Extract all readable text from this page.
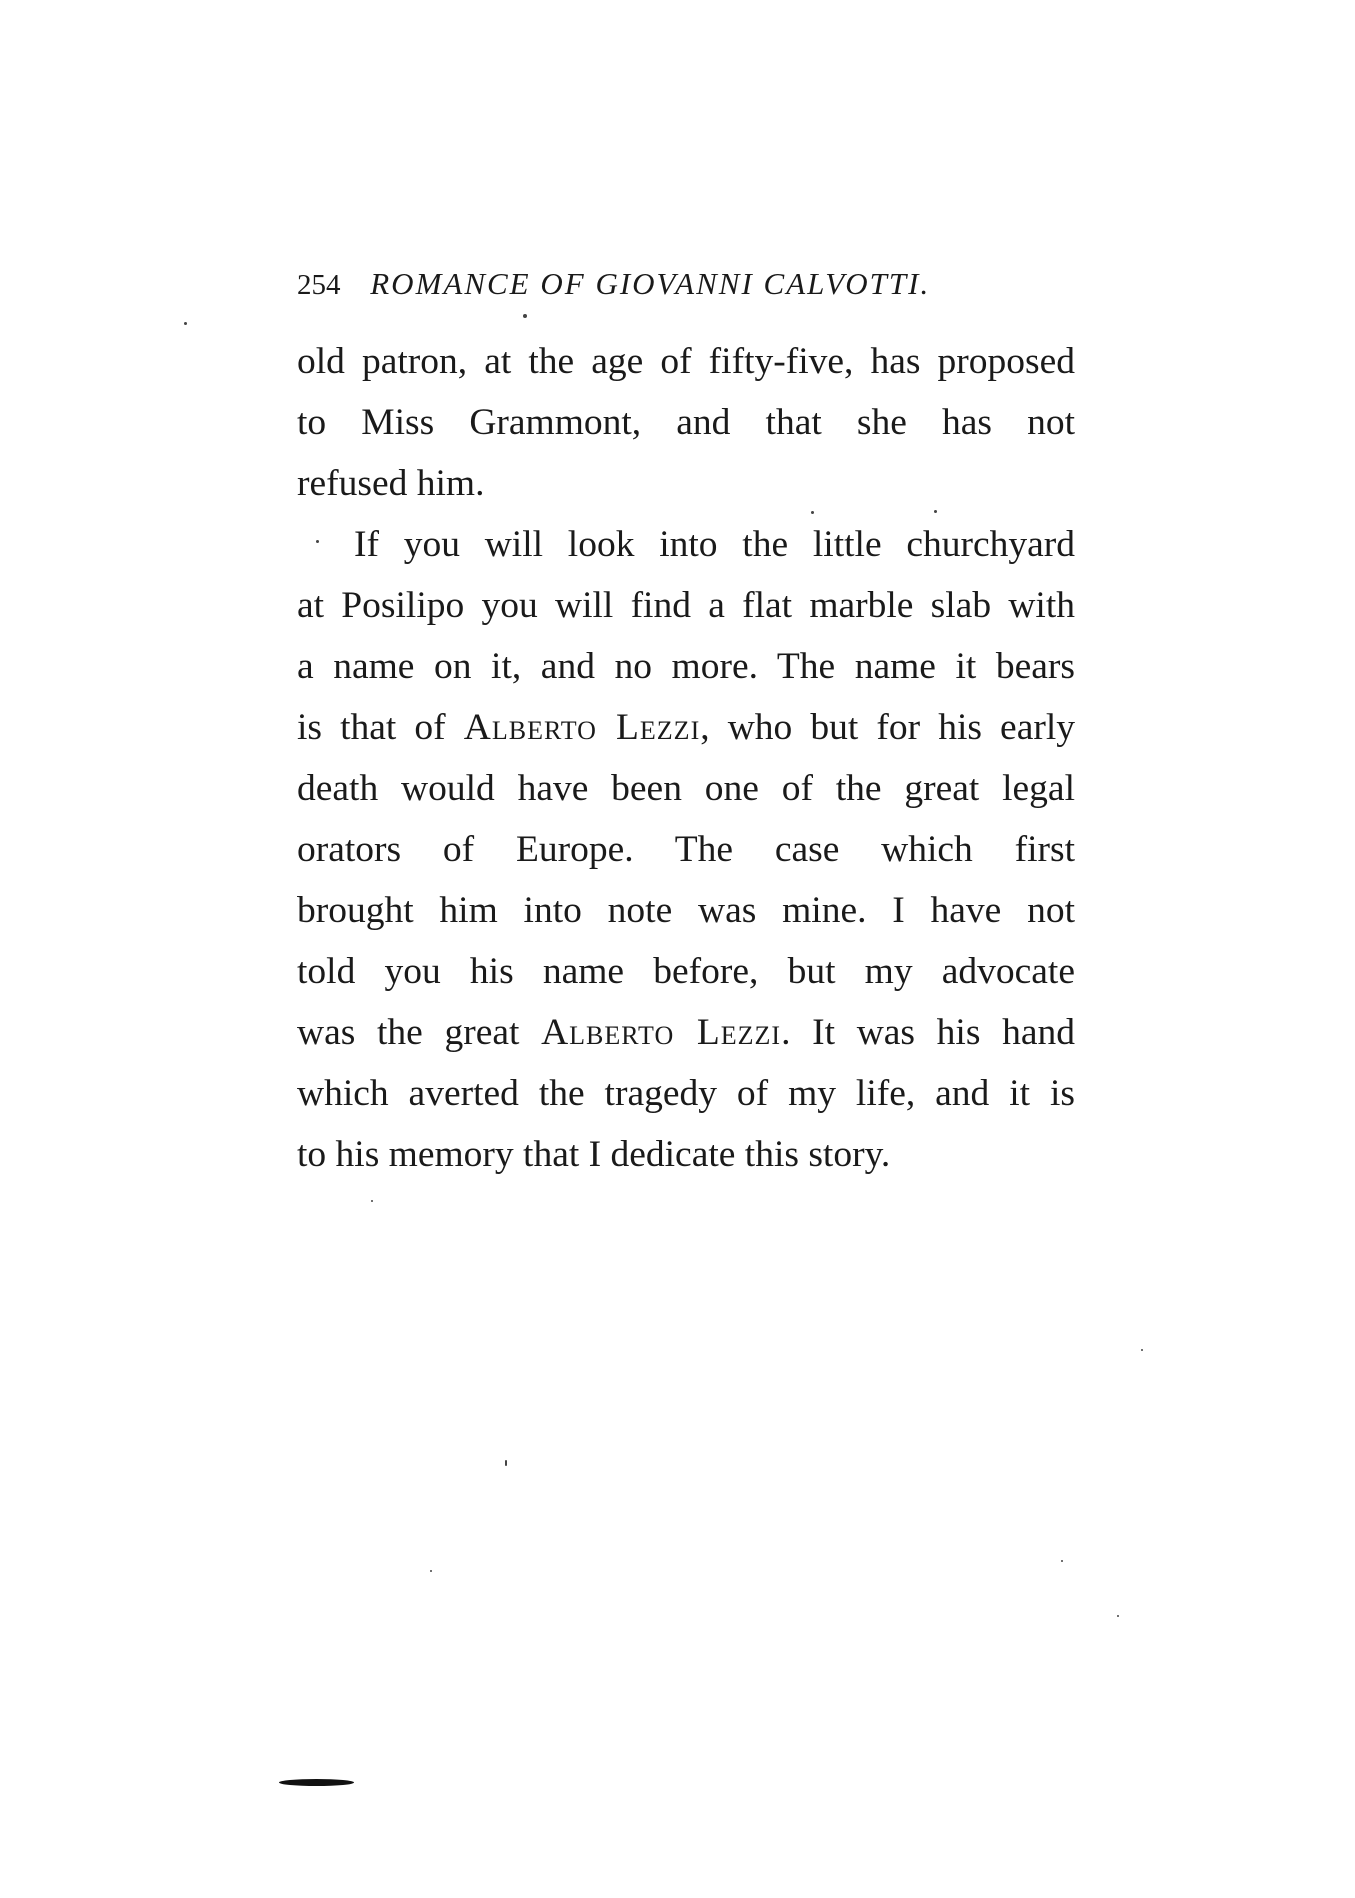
254 ROMANCE OF GIOVANNI CALVOTTI.
old patron, at the age of fifty-five, has proposed
to Miss Grammont, and that she has not
refused him.
If you will look into the little churchyard
at Posilipo you will find a flat marble slab with
a name on it, and no more. The name it bears
is that of Alberto Lezzi, who but for his early
death would have been one of the great legal
orators of Europe. The case which first
brought him into note was mine. I have not
told you his name before, but my advocate
was the great Alberto Lezzi. It was his hand
which averted the tragedy of my life, and it is
to his memory that I dedicate this story.
